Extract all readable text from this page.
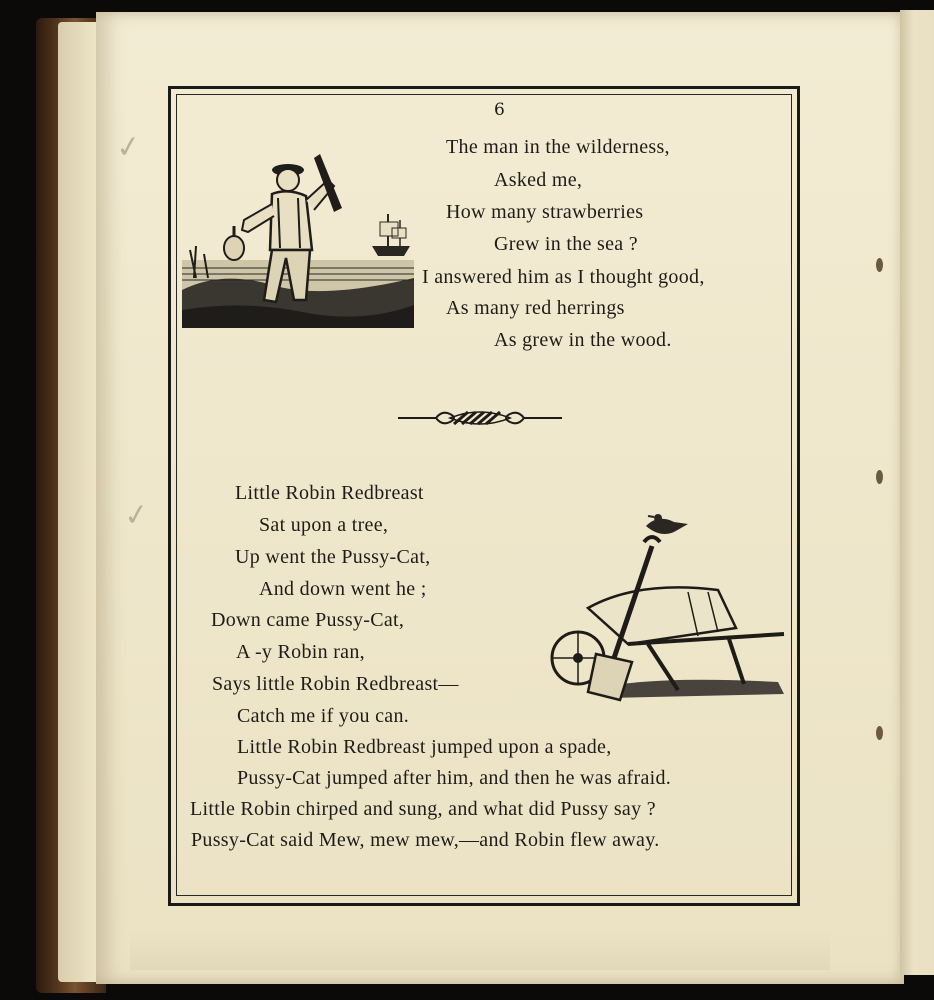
✓
✓
6
The man in the wilderness,
Asked me,
How many strawberries
Grew in the sea ?
I answered him as I thought good,
As many red herrings
As grew in the wood.
Little Robin Redbreast
Sat upon a tree,
Up went the Pussy-Cat,
And down went he ;
Down came Pussy-Cat,
A ‑y Robin ran,
Says little Robin Redbreast—
Catch me if you can.
Little Robin Redbreast jumped upon a spade,
Pussy-Cat jumped after him, and then he was afraid.
Little Robin chirped and sung, and what did Pussy say ?
Pussy-Cat said Mew, mew mew,—and Robin flew away.
